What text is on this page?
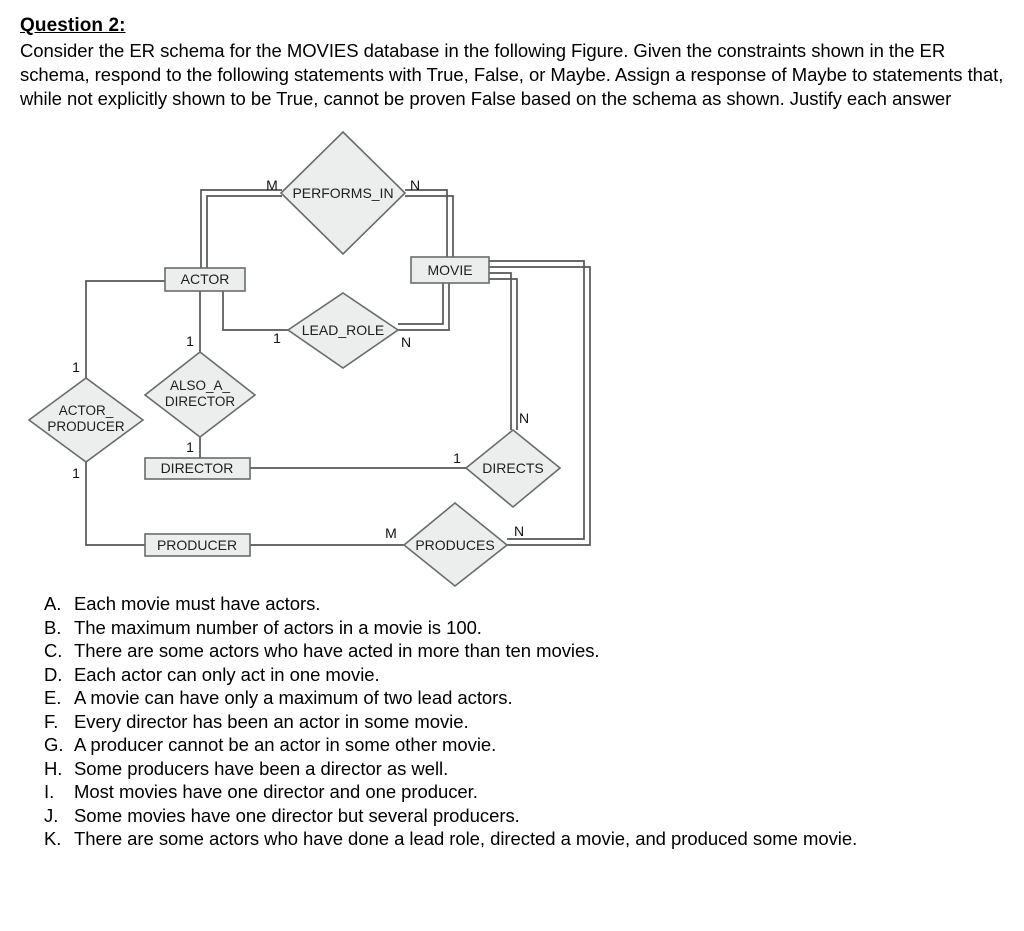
Question 2:
Consider the ER schema for the MOVIES database in the following Figure. Given the constraints shown in the ER schema, respond to the following statements with True, False, or Maybe. Assign a response of Maybe to statements that, while not explicitly shown to be True, cannot be proven False based on the schema as shown. Justify each answer
PERFORMS_IN
ACTOR
MOVIE
LEAD_ROLE
ALSO_A_
DIRECTOR
ACTOR_
PRODUCER
DIRECTOR	DIRECTS
PRODUCER	PRODUCES
M	N
1	N
1
1
1
1
1
N
M	N
A. Each movie must have actors.
B. The maximum number of actors in a movie is 100.
C. There are some actors who have acted in more than ten movies.
D. Each actor can only act in one movie.
E. A movie can have only a maximum of two lead actors.
F. Every director has been an actor in some movie.
G. A producer cannot be an actor in some other movie.
H. Some producers have been a director as well.
I.	Most movies have one director and one producer.
J. Some movies have one director but several producers.
K. There are some actors who have done a lead role, directed a movie, and produced some movie.
